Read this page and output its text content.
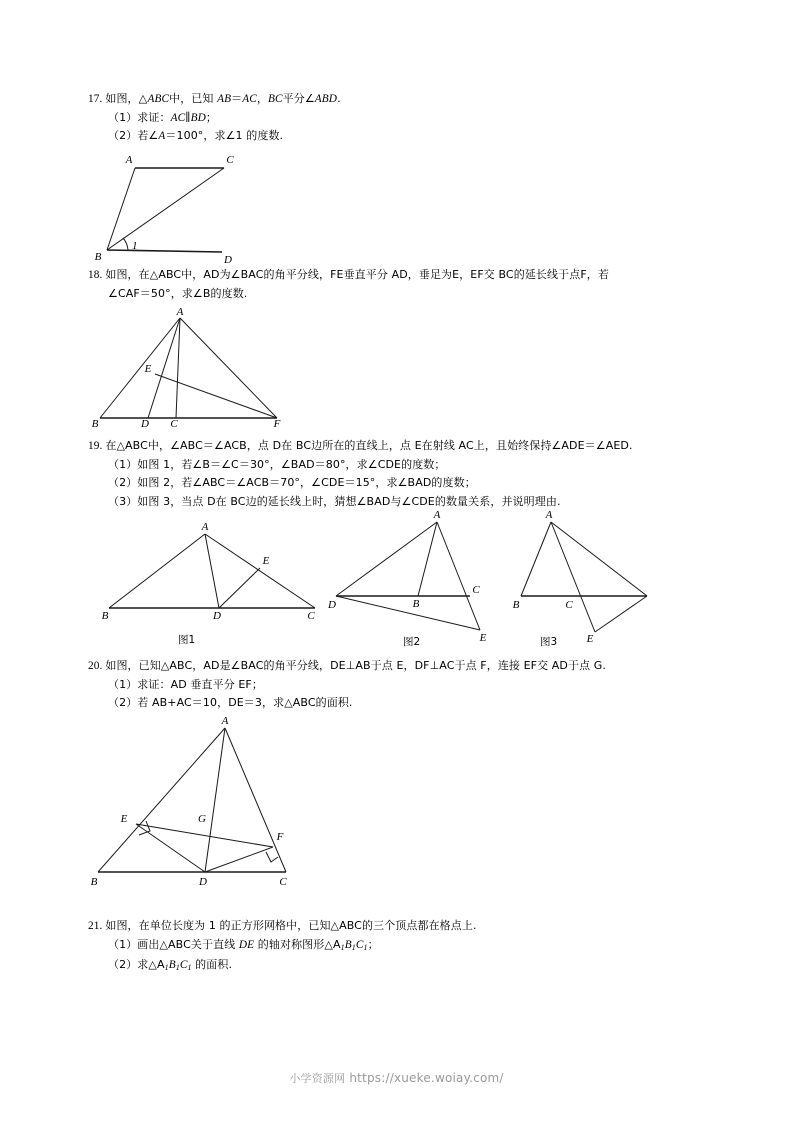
17. 如图，△ABC中，已知 AB＝AC，BC平分∠ABD.
（1）求证：AC∥BD；
（2）若∠A＝100°，求∠1 的度数.
A
B
C
D
1
18. 如图，在△ABC中，AD为∠BAC的角平分线，FE垂直平分 AD，垂足为E，EF交 BC的延长线于点F，若
∠CAF＝50°，求∠B的度数.
A
B	D C	F
E
19. 在△ABC中，∠ABC＝∠ACB，点 D在 BC边所在的直线上，点 E在射线 AC上，且始终保持∠ADE＝∠AED.
（1）如图 1，若∠B＝∠C＝30°，∠BAD＝80°，求∠CDE的度数；
（2）如图 2，若∠ABC＝∠ACB＝70°，∠CDE＝15°，求∠BAD的度数；
（3）如图 3，当点 D在 BC边的延长线上时，猜想∠BAD与∠CDE的数量关系，并说明理由.
A
B	D	C
E
图1
A
D	B
C
E
图2
A
B	C
E
图3
20. 如图，已知△ABC，AD是∠BAC的角平分线，DE⊥AB于点 E，DF⊥AC于点 F，连接 EF交 AD于点 G.
（1）求证：AD 垂直平分 EF；
（2）若 AB+AC＝10，DE＝3，求△ABC的面积.
A
E	G
F
B	D	C
21. 如图，在单位长度为 1 的正方形网格中，已知△ABC的三个顶点都在格点上.
（1）画出△ABC关于直线 DE 的轴对称图形$\triangle A_1B_1C_1$；
（2）求$\triangle A_1B_1C_1$ 的面积.
小学资源网 https://xueke.woiay.com/
